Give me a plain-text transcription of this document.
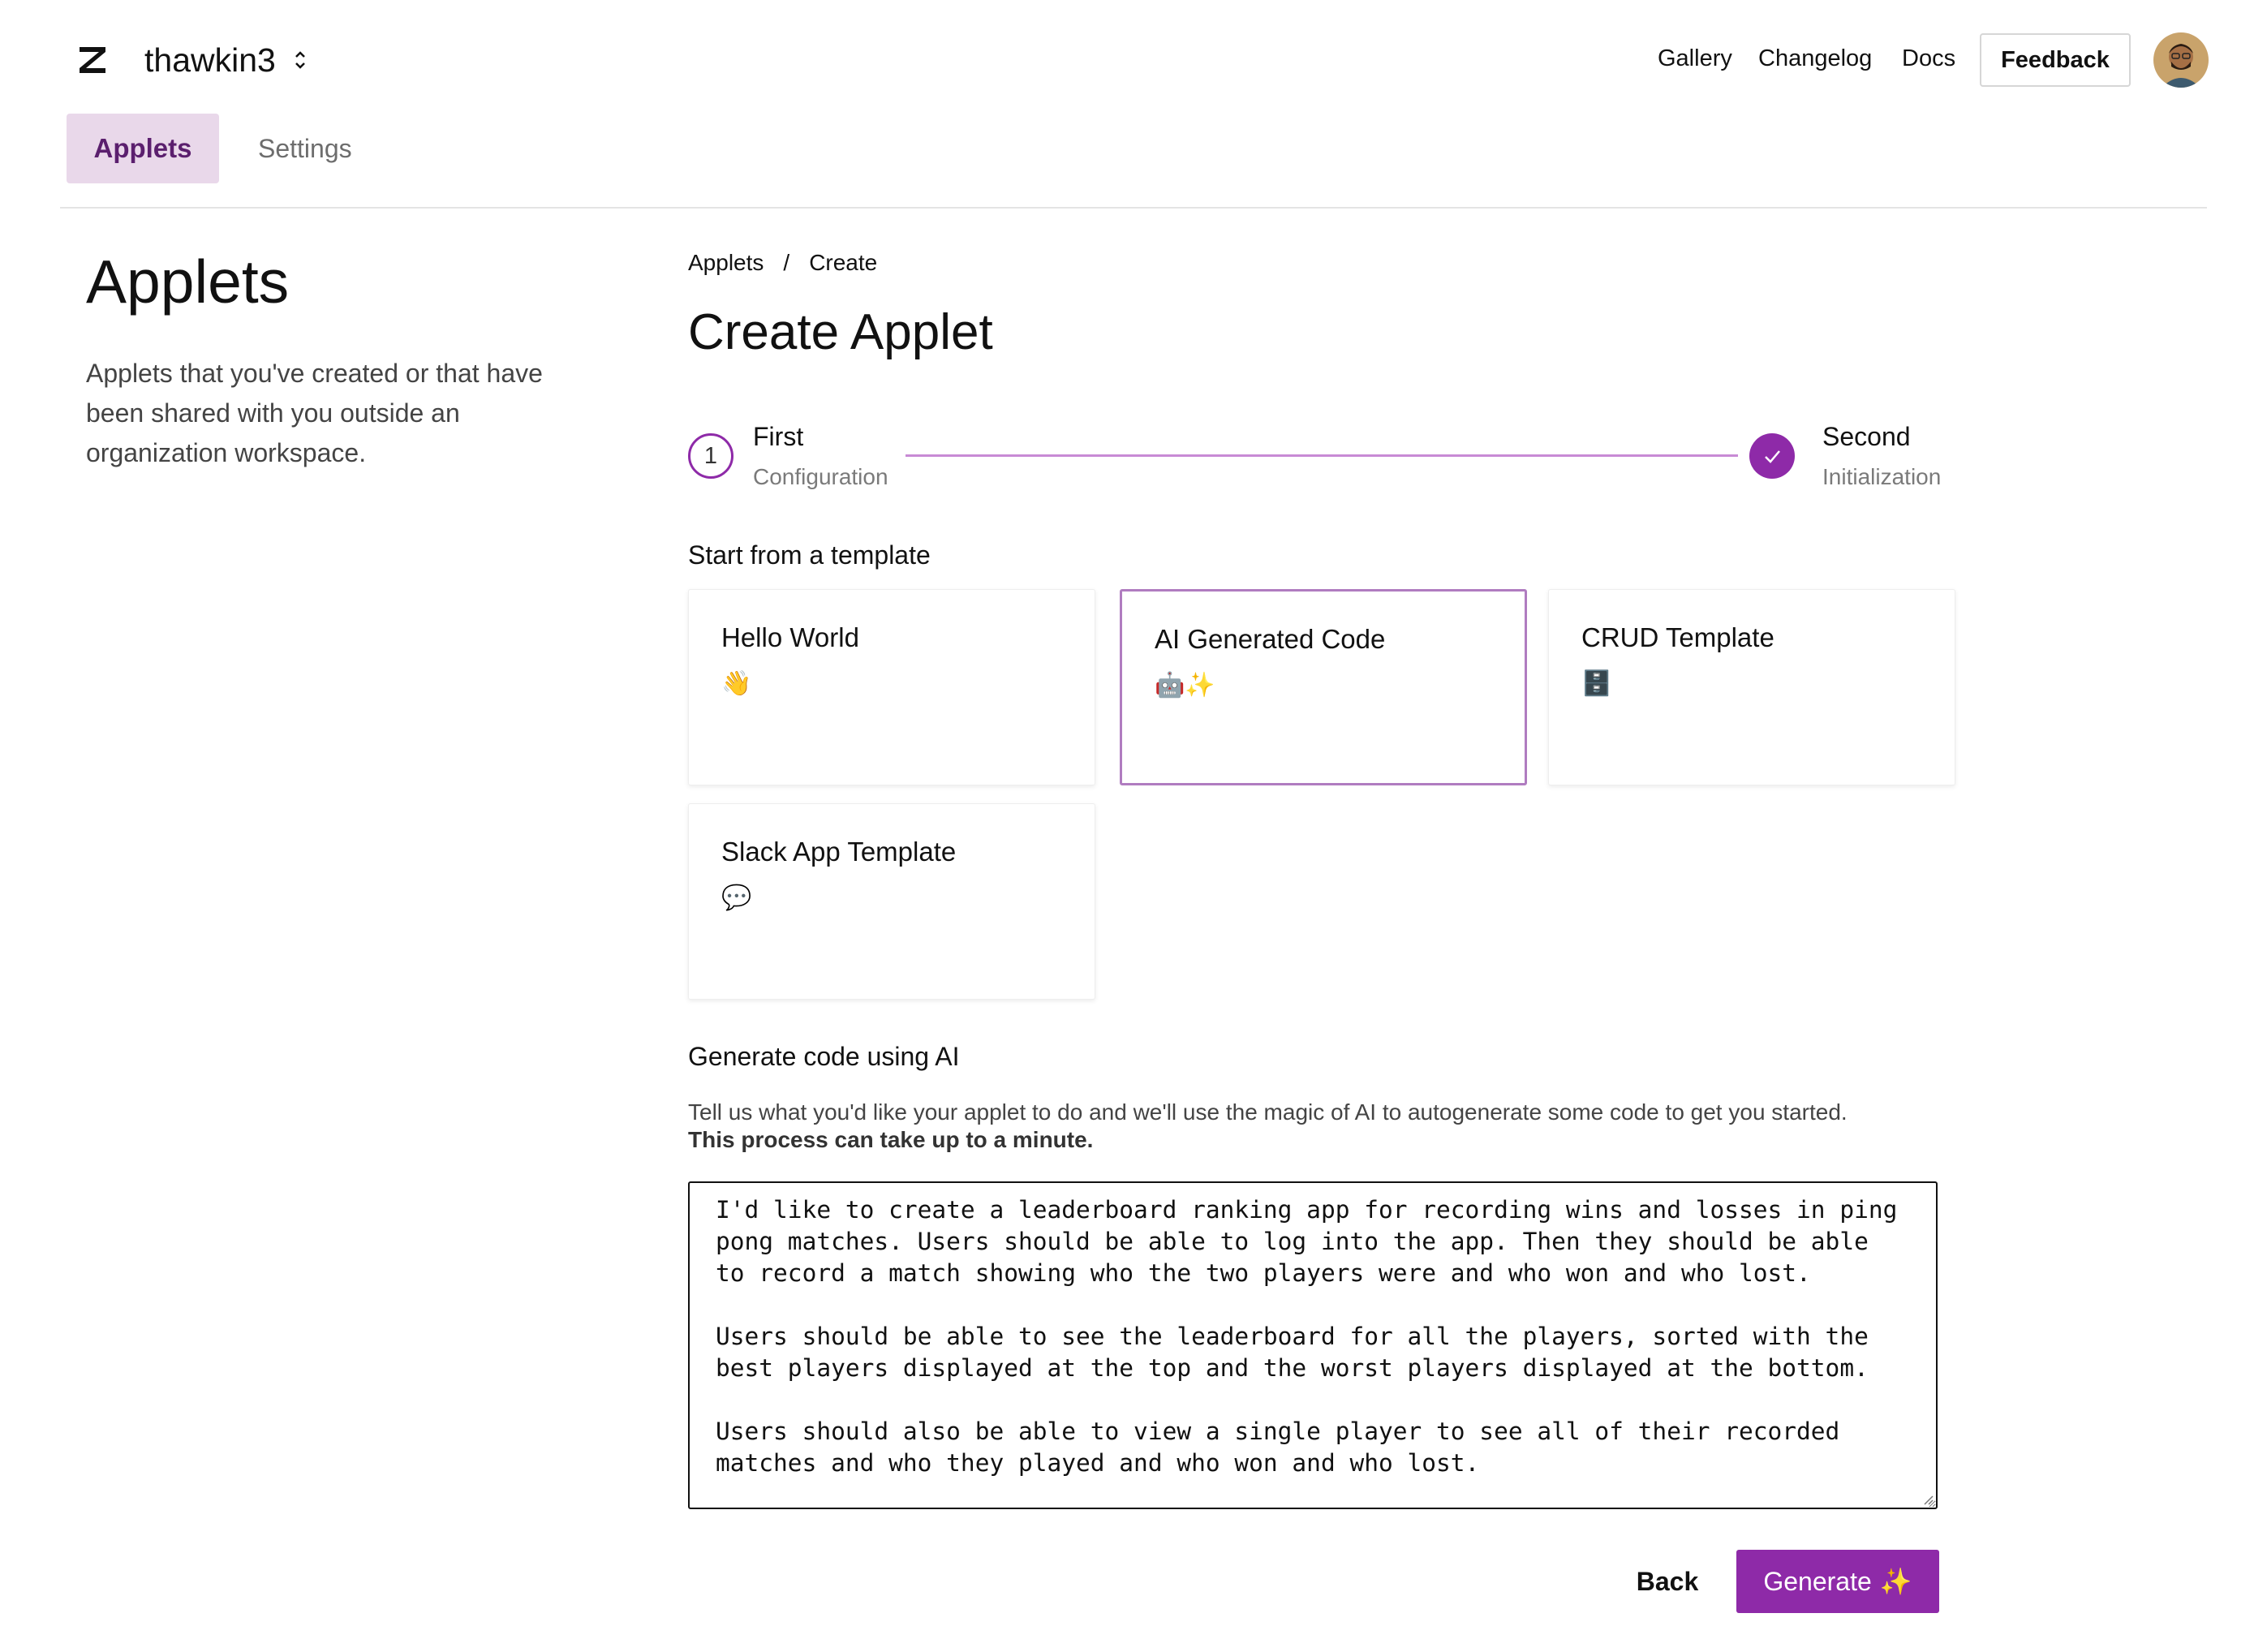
thawkin3	Gallery Changelog Docs	Feedback
Applets	Settings
Applets

Applets that you've created or that have been shared with you outside an organization workspace.

Applets / Create
Create Applet
1
First
Configuration
Second
Initialization
Start from a template
Hello World
👋
AI Generated Code
🤖✨
CRUD Template
🗄️
Slack App Template
💬
Generate code using AI
Tell us what you'd like your applet to do and we'll use the magic of AI to autogenerate some code to get you started.
This process can take up to a minute.
I'd like to create a leaderboard ranking app for recording wins and losses in ping pong matches. Users should be able to log into the app. Then they should be able to record a match showing who the two players were and who won and who lost. Users should be able to see the leaderboard for all the players, sorted with the best players displayed at the top and the worst players displayed at the bottom. Users should also be able to view a single player to see all of their recorded matches and who they played and who won and who lost.
Back	Generate ✨
